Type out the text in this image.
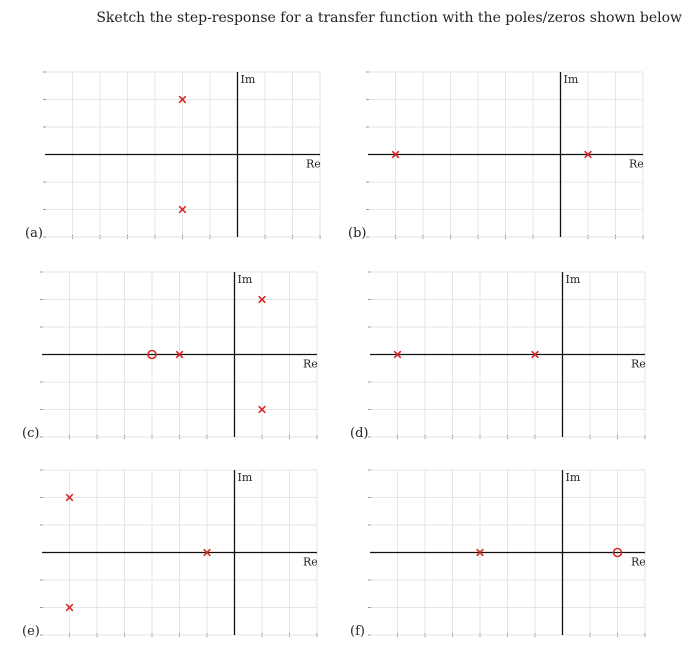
Sketch the step-response for a transfer function with the poles/zeros shown below
Im
Re
(a)
Im
Re
(b)
Im
Re
(c)
Im
Re
(d)
Im
Re
(e)
Im
Re
(f)
